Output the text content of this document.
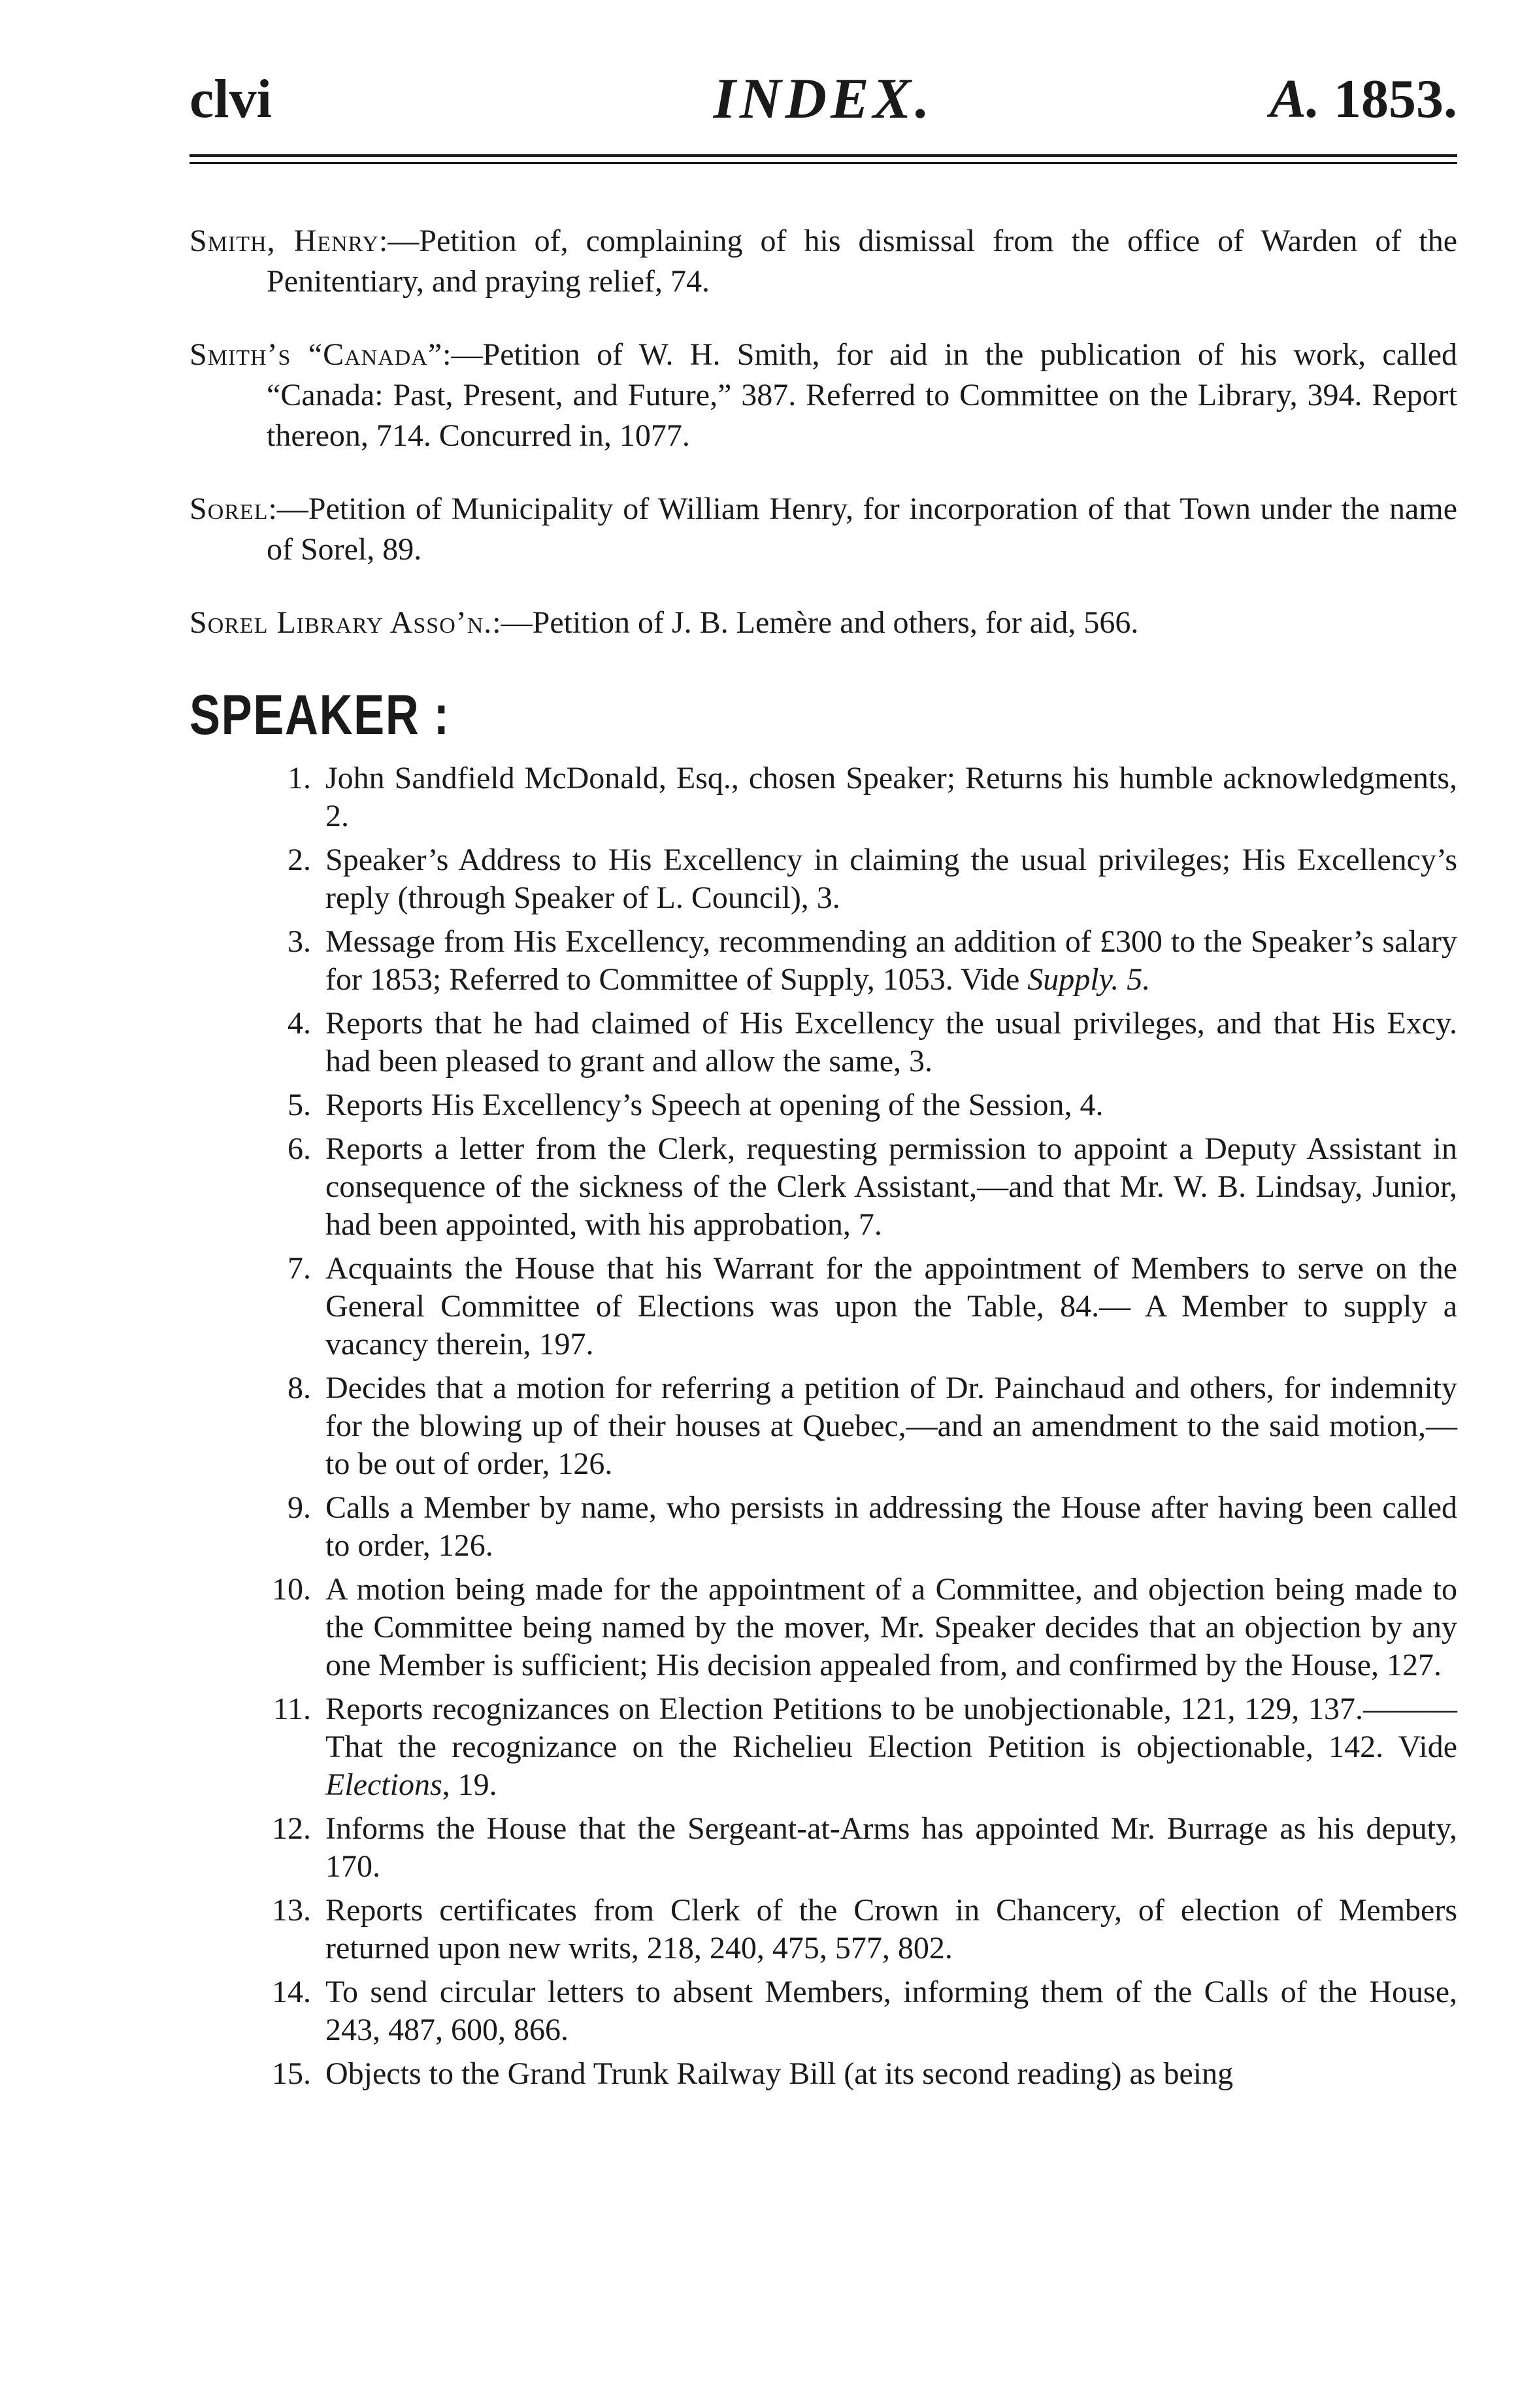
clvi	INDEX.	A. 1853.

Smith, Henry:—Petition of, complaining of his dismissal from the office of Warden of the Penitentiary, and praying relief, 74.

Smith’s “Canada”:—Petition of W. H. Smith, for aid in the publication of his work, called “Canada: Past, Present, and Future,” 387. Referred to Committee on the Library, 394. Report thereon, 714. Concurred in, 1077.

Sorel:—Petition of Municipality of William Henry, for incorporation of that Town under the name of Sorel, 89.

Sorel Library Asso’n.:—Petition of J. B. Lemère and others, for aid, 566.

SPEAKER :
1. John Sandfield McDonald, Esq., chosen Speaker; Returns his humble acknowledgments, 2.
2. Speaker’s Address to His Excellency in claiming the usual privileges; His Excellency’s reply (through Speaker of L. Council), 3.
3. Message from His Excellency, recommending an addition of £300 to the Speaker’s salary for 1853; Referred to Committee of Supply, 1053. Vide Supply. 5.
4. Reports that he had claimed of His Excellency the usual privileges, and that His Excy. had been pleased to grant and allow the same, 3.
5. Reports His Excellency’s Speech at opening of the Session, 4.
6. Reports a letter from the Clerk, requesting permission to appoint a Deputy Assistant in consequence of the sickness of the Clerk Assistant,—and that Mr. W. B. Lindsay, Junior, had been appointed, with his approbation, 7.
7. Acquaints the House that his Warrant for the appointment of Members to serve on the General Committee of Elections was upon the Table, 84.— A Member to supply a vacancy therein, 197.
8. Decides that a motion for referring a petition of Dr. Painchaud and others, for indemnity for the blowing up of their houses at Quebec,—and an amendment to the said motion,—to be out of order, 126.
9. Calls a Member by name, who persists in addressing the House after having been called to order, 126.
10. A motion being made for the appointment of a Committee, and objection being made to the Committee being named by the mover, Mr. Speaker decides that an objection by any one Member is sufficient; His decision appealed from, and confirmed by the House, 127.
11. Reports recognizances on Election Petitions to be unobjectionable, 121, 129, 137.———That the recognizance on the Richelieu Election Petition is objectionable, 142. Vide Elections, 19.
12. Informs the House that the Sergeant-at-Arms has appointed Mr. Burrage as his deputy, 170.
13. Reports certificates from Clerk of the Crown in Chancery, of election of Members returned upon new writs, 218, 240, 475, 577, 802.
14. To send circular letters to absent Members, informing them of the Calls of the House, 243, 487, 600, 866.
15. Objects to the Grand Trunk Railway Bill (at its second reading) as being
